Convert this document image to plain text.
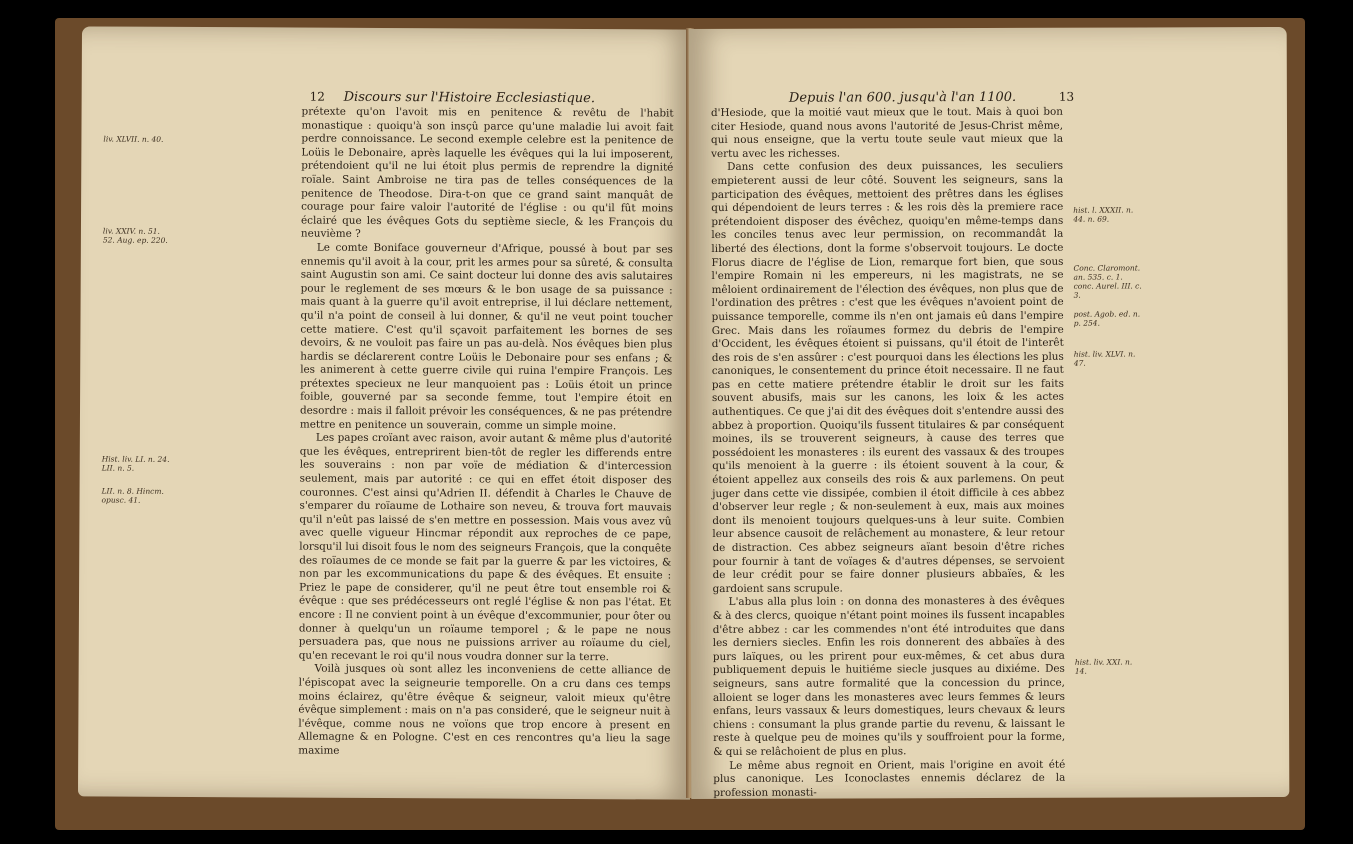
12 Discours sur l'Histoire Ecclesiastique.
liv. XLVII. n. 40.
liv. XXIV. n. 51. 52. Aug. ep. 220.
Hist. liv. LI. n. 24. LII. n. 5.
LII. n. 8. Hincm. opusc. 41.

prétexte qu'on l'avoit mis en penitence & revêtu de l'habit monastique : quoiqu'à son insçû parce qu'une maladie lui avoit fait perdre connoissance. Le second exemple celebre est la penitence de Loüis le Debonaire, après laquelle les évêques qui la lui imposerent, prétendoient qu'il ne lui étoit plus permis de reprendre la dignité roïale. Saint Ambroise ne tira pas de telles conséquences de la penitence de Theodose. Dira-t-on que ce grand saint manquât de courage pour faire valoir l'autorité de l'église : ou qu'il fût moins éclairé que les évêques Gots du septième siecle, & les François du neuvième ?

Le comte Boniface gouverneur d'Afrique, poussé à bout par ses ennemis qu'il avoit à la cour, prit les armes pour sa sûreté, & consulta saint Augustin son ami. Ce saint docteur lui donne des avis salutaires pour le reglement de ses mœurs & le bon usage de sa puissance : mais quant à la guerre qu'il avoit entreprise, il lui déclare nettement, qu'il n'a point de conseil à lui donner, & qu'il ne veut point toucher cette matiere. C'est qu'il sçavoit parfaitement les bornes de ses devoirs, & ne vouloit pas faire un pas au-delà. Nos évêques bien plus hardis se déclarerent contre Loüis le Debonaire pour ses enfans ; & les animerent à cette guerre civile qui ruina l'empire François. Les prétextes specieux ne leur manquoient pas : Loüis étoit un prince foible, gouverné par sa seconde femme, tout l'empire étoit en desordre : mais il falloit prévoir les conséquences, & ne pas prétendre mettre en penitence un souverain, comme un simple moine.

Les papes croïant avec raison, avoir autant & même plus d'autorité que les évêques, entreprirent bien-tôt de regler les differends entre les souverains : non par voïe de médiation & d'intercession seulement, mais par autorité : ce qui en effet étoit disposer des couronnes. C'est ainsi qu'Adrien II. défendit à Charles le Chauve de s'emparer du roïaume de Lothaire son neveu, & trouva fort mauvais qu'il n'eût pas laissé de s'en mettre en possession. Mais vous avez vû avec quelle vigueur Hincmar répondit aux reproches de ce pape, lorsqu'il lui disoit fous le nom des seigneurs François, que la conquête des roïaumes de ce monde se fait par la guerre & par les victoires, & non par les excommunications du pape & des évêques. Et ensuite : Priez le pape de considerer, qu'il ne peut être tout ensemble roi & évêque : que ses prédécesseurs ont reglé l'église & non pas l'état. Et encore : Il ne convient point à un évêque d'excommunier, pour ôter ou donner à quelqu'un un roïaume temporel ; & le pape ne nous persuadera pas, que nous ne puissions arriver au roïaume du ciel, qu'en recevant le roi qu'il nous voudra donner sur la terre.

Voilà jusques où sont allez les inconveniens de cette alliance de l'épiscopat avec la seigneurie temporelle. On a cru dans ces temps moins éclairez, qu'être évêque & seigneur, valoit mieux qu'être évêque simplement : mais on n'a pas consideré, que le seigneur nuit à l'évêque, comme nous ne voïons que trop encore à present en Allemagne & en Pologne. C'est en ces rencontres qu'a lieu la sage maxime

Depuis l'an 600. jusqu'à l'an 1100.	13

d'Hesiode, que la moitié vaut mieux que le tout. Mais à quoi bon citer Hesiode, quand nous avons l'autorité de Jesus-Christ même, qui nous enseigne, que la vertu toute seule vaut mieux que la vertu avec les richesses.

Dans cette confusion des deux puissances, les seculiers empieterent aussi de leur côté. Souvent les seigneurs, sans la participation des évêques, mettoient des prêtres dans les églises qui dépendoient de leurs terres : & les rois dès la premiere race prétendoient disposer des évêchez, quoiqu'en même-temps dans les conciles tenus avec leur permission, on recommandât la liberté des élections, dont la forme s'observoit toujours. Le docte Florus diacre de l'église de Lion, remarque fort bien, que sous l'empire Romain ni les empereurs, ni les magistrats, ne se mêloient ordinairement de l'élection des évêques, non plus que de l'ordination des prêtres : c'est que les évêques n'avoient point de puissance temporelle, comme ils n'en ont jamais eû dans l'empire Grec. Mais dans les roïaumes formez du debris de l'empire d'Occident, les évêques étoient si puissans, qu'il étoit de l'interêt des rois de s'en assûrer : c'est pourquoi dans les élections les plus canoniques, le consentement du prince étoit necessaire. Il ne faut pas en cette matiere prétendre établir le droit sur les faits souvent abusifs, mais sur les canons, les loix & les actes authentiques. Ce que j'ai dit des évêques doit s'entendre aussi des abbez à proportion. Quoiqu'ils fussent titulaires & par conséquent moines, ils se trouverent seigneurs, à cause des terres que possédoient les monasteres : ils eurent des vassaux & des troupes qu'ils menoient à la guerre : ils étoient souvent à la cour, & étoient appellez aux conseils des rois & aux parlemens. On peut juger dans cette vie dissipée, combien il étoit difficile à ces abbez d'observer leur regle ; & non-seulement à eux, mais aux moines dont ils menoient toujours quelques-uns à leur suite. Combien leur absence causoit de relâchement au monastere, & leur retour de distraction. Ces abbez seigneurs aïant besoin d'être riches pour fournir à tant de voïages & d'autres dépenses, se servoient de leur crédit pour se faire donner plusieurs abbaïes, & les gardoient sans scrupule.

L'abus alla plus loin : on donna des monasteres à des évêques & à des clercs, quoique n'étant point moines ils fussent incapables d'être abbez : car les commendes n'ont été introduites que dans les derniers siecles. Enfin les rois donnerent des abbaïes à des purs laïques, ou les prirent pour eux-mêmes, & cet abus dura publiquement depuis le huitiéme siecle jusques au dixiéme. Des seigneurs, sans autre formalité que la concession du prince, alloient se loger dans les monasteres avec leurs femmes & leurs enfans, leurs vassaux & leurs domestiques, leurs chevaux & leurs chiens : consumant la plus grande partie du revenu, & laissant le reste à quelque peu de moines qu'ils y souffroient pour la forme, & qui se relâchoient de plus en plus.

Le même abus regnoit en Orient, mais l'origine en avoit été plus canonique. Les Iconoclastes ennemis déclarez de la profession monasti-

hist. l. XXXII. n. 44. n. 69.
Conc. Claromont. an. 535. c. 1. conc. Aurel. III. c. 3.
post. Agob. ed. n. p. 254.
hist. liv. XLVI. n. 47.
hist. liv. XXI. n. 14.
